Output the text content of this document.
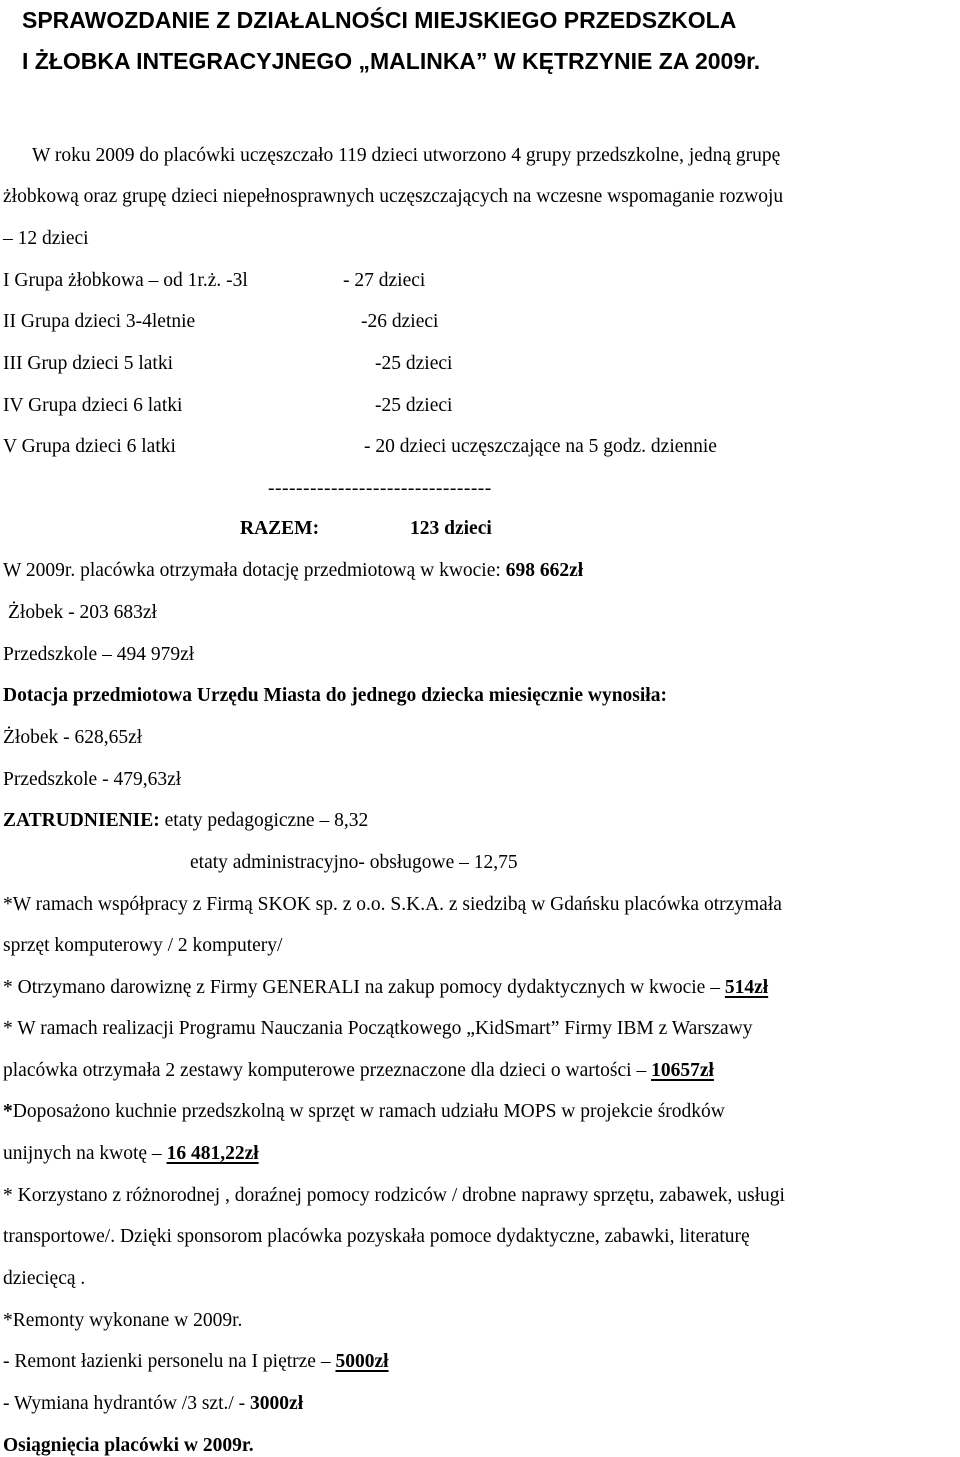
SPRAWOZDANIE Z DZIAŁALNOŚCI MIEJSKIEGO PRZEDSZKOLA
I ŻŁOBKA INTEGRACYJNEGO „MALINKA” W KĘTRZYNIE ZA 2009r.
W roku 2009 do placówki uczęszczało 119 dzieci utworzono 4 grupy przedszkolne, jedną grupę
żłobkową oraz grupę dzieci niepełnosprawnych uczęszczających na wczesne wspomaganie rozwoju
– 12 dzieci
I Grupa żłobkowa – od 1r.ż. -3l	- 27 dzieci
II Grupa dzieci 3-4letnie	-26 dzieci
III Grup dzieci 5 latki	-25 dzieci
IV Grupa dzieci 6 latki	-25 dzieci
V Grupa dzieci 6 latki	- 20 dzieci uczęszczające na 5 godz. dziennie
--------------------------------
RAZEM:	123 dzieci
W 2009r. placówka otrzymała dotację przedmiotową w kwocie: 698 662zł
Żłobek - 203 683zł
Przedszkole – 494 979zł
Dotacja przedmiotowa Urzędu Miasta do jednego dziecka miesięcznie wynosiła:
Żłobek - 628,65zł
Przedszkole - 479,63zł
ZATRUDNIENIE: etaty pedagogiczne – 8,32
etaty administracyjno- obsługowe – 12,75
*W ramach współpracy z Firmą SKOK sp. z o.o. S.K.A. z siedzibą w Gdańsku placówka otrzymała
sprzęt komputerowy / 2 komputery/
* Otrzymano darowiznę z Firmy GENERALI na zakup pomocy dydaktycznych w kwocie – 514zł
* W ramach realizacji Programu Nauczania Początkowego „KidSmart” Firmy IBM z Warszawy
placówka otrzymała 2 zestawy komputerowe przeznaczone dla dzieci o wartości – 10657zł
*Doposażono kuchnie przedszkolną w sprzęt w ramach udziału MOPS w projekcie środków
unijnych na kwotę – 16 481,22zł
* Korzystano z różnorodnej , doraźnej pomocy rodziców / drobne naprawy sprzętu, zabawek, usługi
transportowe/. Dzięki sponsorom placówka pozyskała pomoce dydaktyczne, zabawki, literaturę
dziecięcą .
*Remonty wykonane w 2009r.
- Remont łazienki personelu na I piętrze – 5000zł
- Wymiana hydrantów /3 szt./ - 3000zł
Osiągnięcia placówki w 2009r.
